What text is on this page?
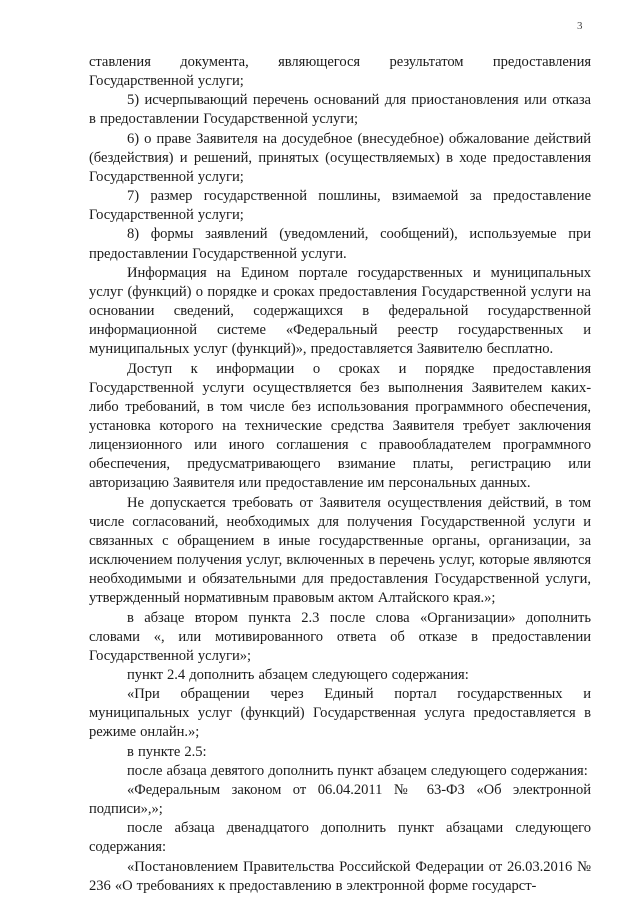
3

ставления документа, являющегося результатом предоставления Государственной услуги;

5) исчерпывающий перечень оснований для приостановления или отказа в предоставлении Государственной услуги;

6) о праве Заявителя на досудебное (внесудебное) обжалование действий (бездействия) и решений, принятых (осуществляемых) в ходе предоставления Государственной услуги;

7) размер государственной пошлины, взимаемой за предоставление Государственной услуги;

8) формы заявлений (уведомлений, сообщений), используемые при предоставлении Государственной услуги.

Информация на Едином портале государственных и муниципальных услуг (функций) о порядке и сроках предоставления Государственной услуги на основании сведений, содержащихся в федеральной государственной информационной системе «Федеральный реестр государственных и муниципальных услуг (функций)», предоставляется Заявителю бесплатно.

Доступ к информации о сроках и порядке предоставления Государственной услуги осуществляется без выполнения Заявителем каких-либо требований, в том числе без использования программного обеспечения, установка которого на технические средства Заявителя требует заключения лицензионного или иного соглашения с правообладателем программного обеспечения, предусматривающего взимание платы, регистрацию или авторизацию Заявителя или предоставление им персональных данных.

Не допускается требовать от Заявителя осуществления действий, в том числе согласований, необходимых для получения Государственной услуги и связанных с обращением в иные государственные органы, организации, за исключением получения услуг, включенных в перечень услуг, которые являются необходимыми и обязательными для предоставления Государственной услуги, утвержденный нормативным правовым актом Алтайского края.»;

в абзаце втором пункта 2.3 после слова «Организации» дополнить словами «, или мотивированного ответа об отказе в предоставлении Государственной услуги»;

пункт 2.4 дополнить абзацем следующего содержания:

«При обращении через Единый портал государственных и муниципальных услуг (функций) Государственная услуга предоставляется в режиме онлайн.»;

в пункте 2.5:

после абзаца девятого дополнить пункт абзацем следующего содержания:

«Федеральным законом от 06.04.2011 № 63-ФЗ «Об электронной подписи»,»;

после абзаца двенадцатого дополнить пункт абзацами следующего содержания:

«Постановлением Правительства Российской Федерации от 26.03.2016 № 236 «О требованиях к предоставлению в электронной форме государст-
